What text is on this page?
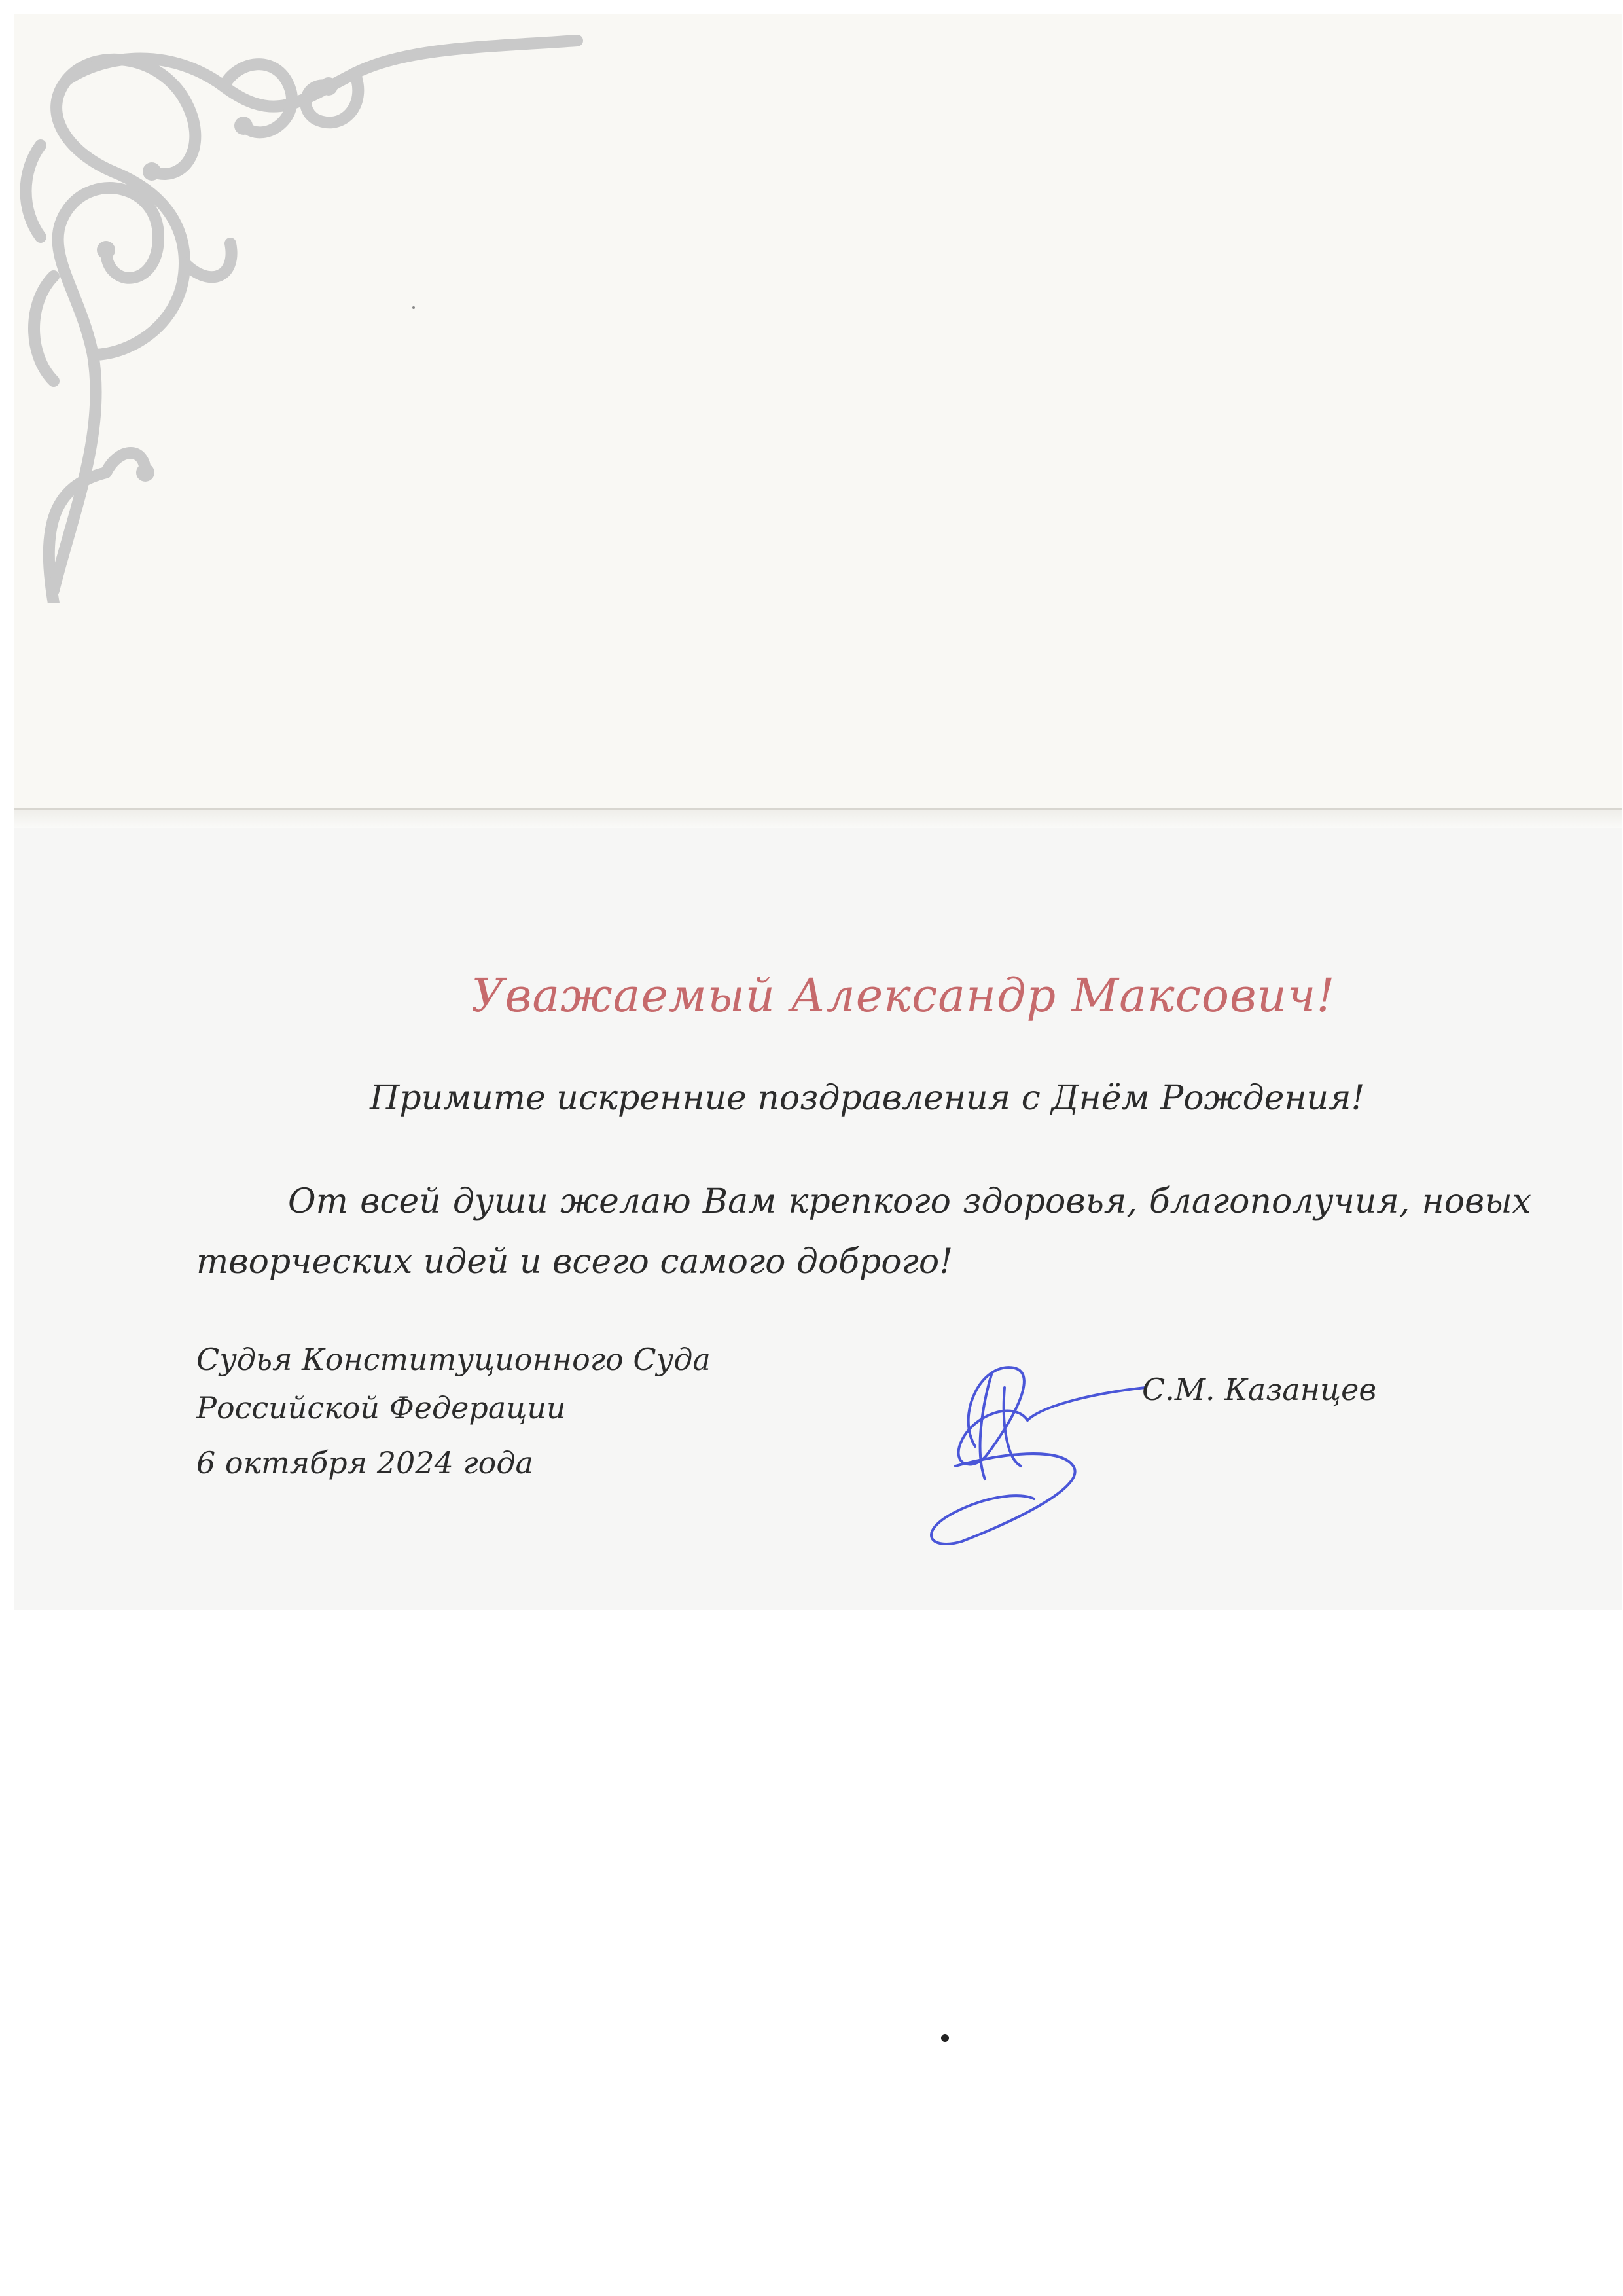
Уважаемый Александр Максович!

Примите искренние поздравления с Днём Рождения!

От всей души желаю Вам крепкого здоровья, благополучия, новых творческих идей и всего самого доброго!

Судья Конституционного Суда
Российской Федерации

6 октября 2024 года

С.М. Казанцев
